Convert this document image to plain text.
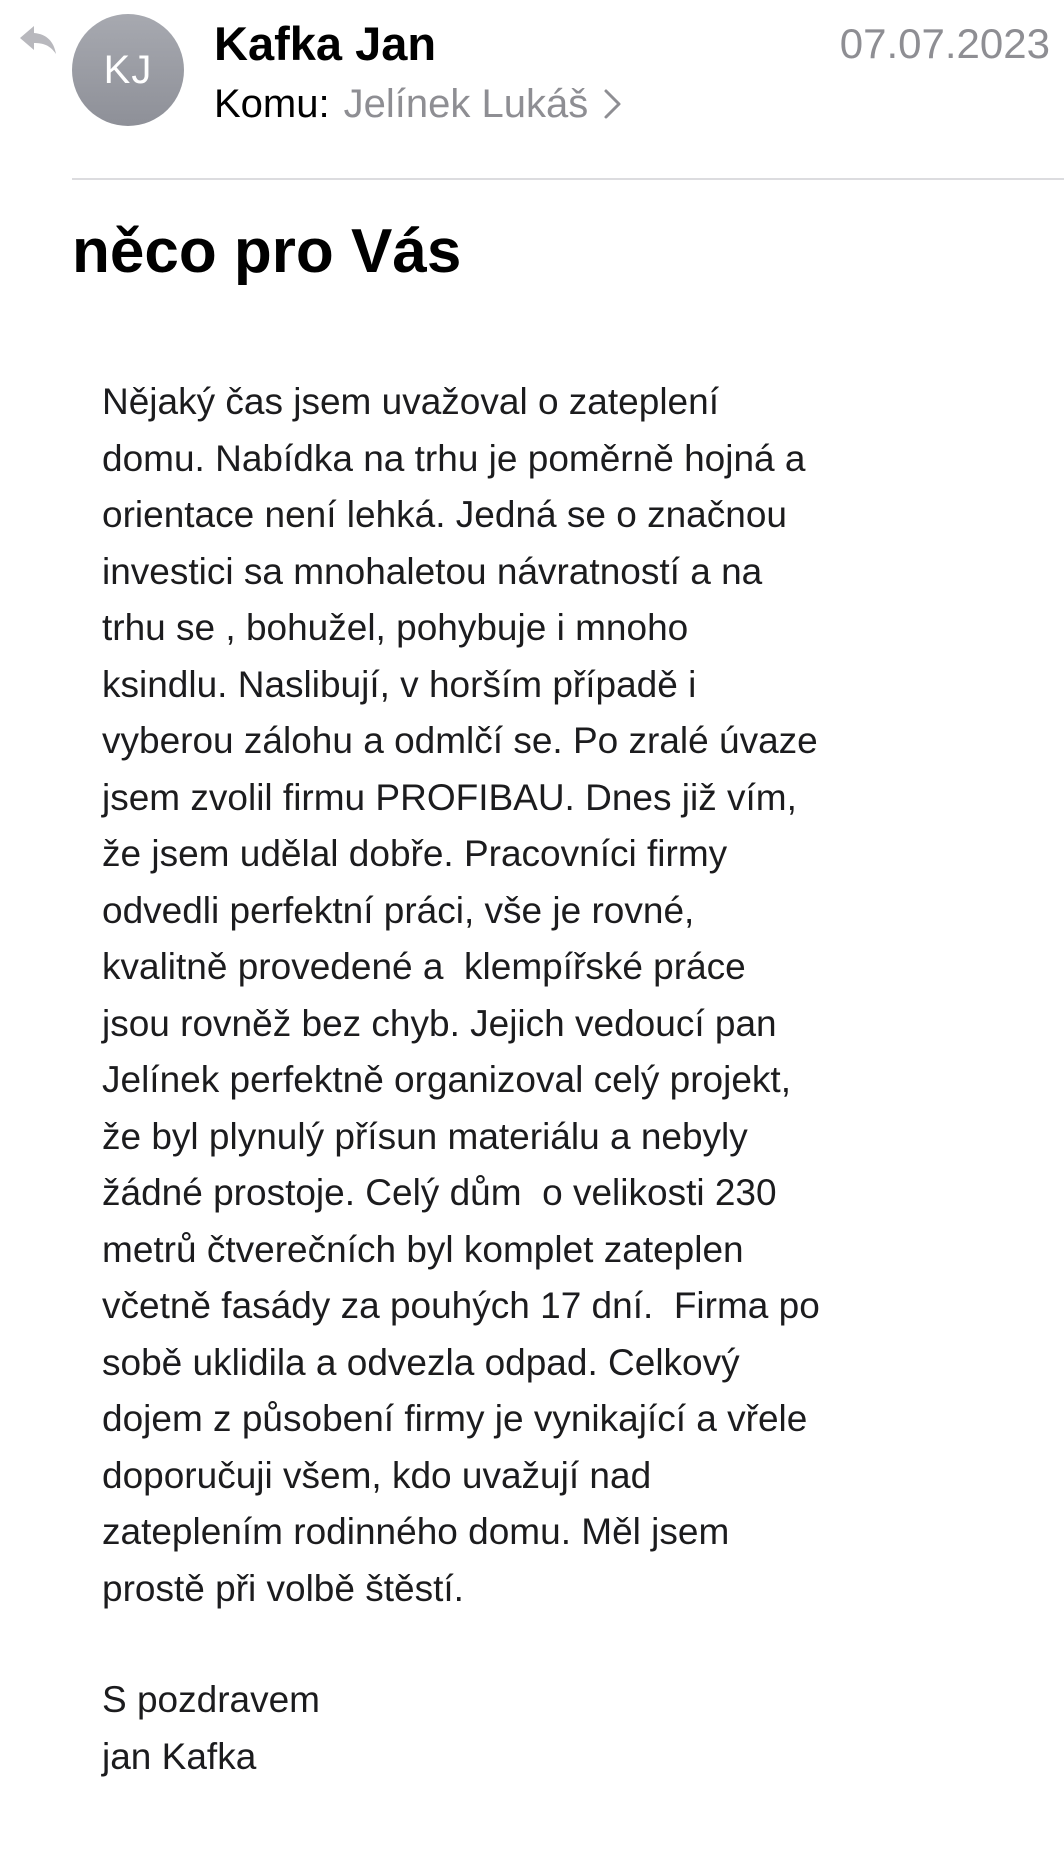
KJ Kafka Jan
Komu: Jelínek Lukáš
07.07.2023
něco pro Vás
Nějaký čas jsem uvažoval o zateplení
domu. Nabídka na trhu je poměrně hojná a
orientace není lehká. Jedná se o značnou
investici sa mnohaletou návratností a na
trhu se , bohužel, pohybuje i mnoho
ksindlu. Naslibují, v horším případě i
vyberou zálohu a odmlčí se. Po zralé úvaze
jsem zvolil firmu PROFIBAU. Dnes již vím,
že jsem udělal dobře. Pracovníci firmy
odvedli perfektní práci, vše je rovné,
kvalitně provedené a  klempířské práce
jsou rovněž bez chyb. Jejich vedoucí pan
Jelínek perfektně organizoval celý projekt,
že byl plynulý přísun materiálu a nebyly
žádné prostoje. Celý dům  o velikosti 230
metrů čtverečních byl komplet zateplen
včetně fasády za pouhých 17 dní.  Firma po
sobě uklidila a odvezla odpad. Celkový
dojem z působení firmy je vynikající a vřele
doporučuji všem, kdo uvažují nad
zateplením rodinného domu. Měl jsem
prostě při volbě štěstí.
S pozdravem
jan Kafka
